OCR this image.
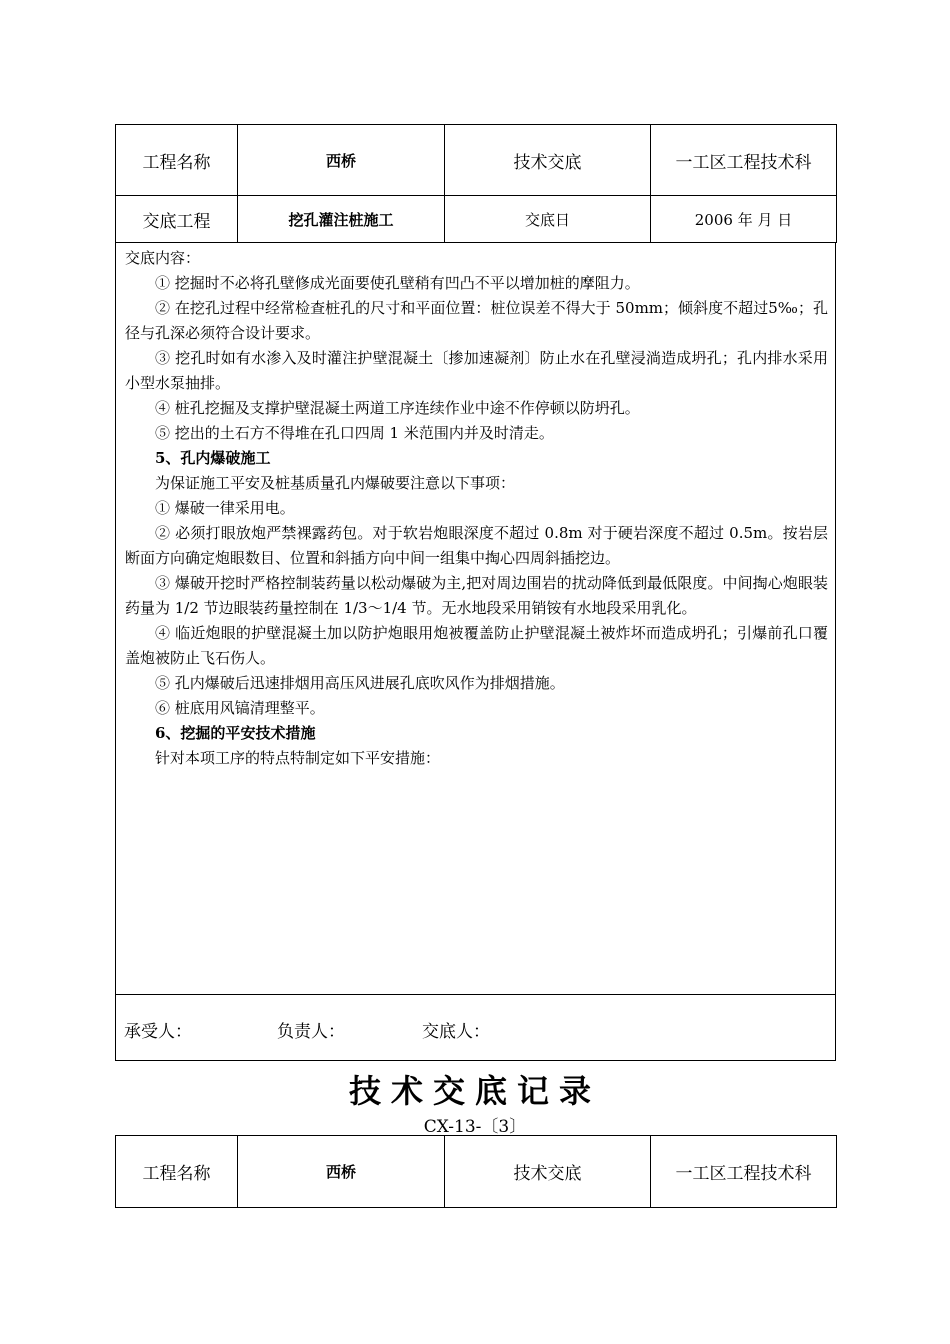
工程名称	西桥	技术交底	一工区工程技术科
交底工程	挖孔灌注桩施工	交底日	2006 年 月 日

交底内容：

① 挖掘时不必将孔壁修成光面要使孔壁稍有凹凸不平以增加桩的摩阻力。

② 在挖孔过程中经常检查桩孔的尺寸和平面位置：桩位误差不得大于 50mm；倾斜度不超过5‰；孔径与孔深必须符合设计要求。

③ 挖孔时如有水渗入及时灌注护壁混凝土〔掺加速凝剂〕防止水在孔壁浸淌造成坍孔；孔内排水采用小型水泵抽排。

④ 桩孔挖掘及支撑护壁混凝土两道工序连续作业中途不作停顿以防坍孔。

⑤ 挖出的土石方不得堆在孔口四周 1 米范围内并及时清走。

5、孔内爆破施工

为保证施工平安及桩基质量孔内爆破要注意以下事项：

① 爆破一律采用电。

② 必须打眼放炮严禁裸露药包。对于软岩炮眼深度不超过 0.8m 对于硬岩深度不超过 0.5m。按岩层断面方向确定炮眼数目、位置和斜插方向中间一组集中掏心四周斜插挖边。

③ 爆破开挖时严格控制装药量以松动爆破为主,把对周边围岩的扰动降低到最低限度。中间掏心炮眼装药量为 1/2 节边眼装药量控制在 1/3～1/4 节。无水地段采用销铵有水地段采用乳化。

④ 临近炮眼的护壁混凝土加以防护炮眼用炮被覆盖防止护壁混凝土被炸坏而造成坍孔；引爆前孔口覆盖炮被防止飞石伤人。

⑤ 孔内爆破后迅速排烟用高压风进展孔底吹风作为排烟措施。

⑥ 桩底用风镐清理整平。

6、挖掘的平安技术措施

针对本项工序的特点特制定如下平安措施：

承受人：	负责人：	交底人：
技术交底记录
CX-13-〔3〕
工程名称	西桥	技术交底	一工区工程技术科
